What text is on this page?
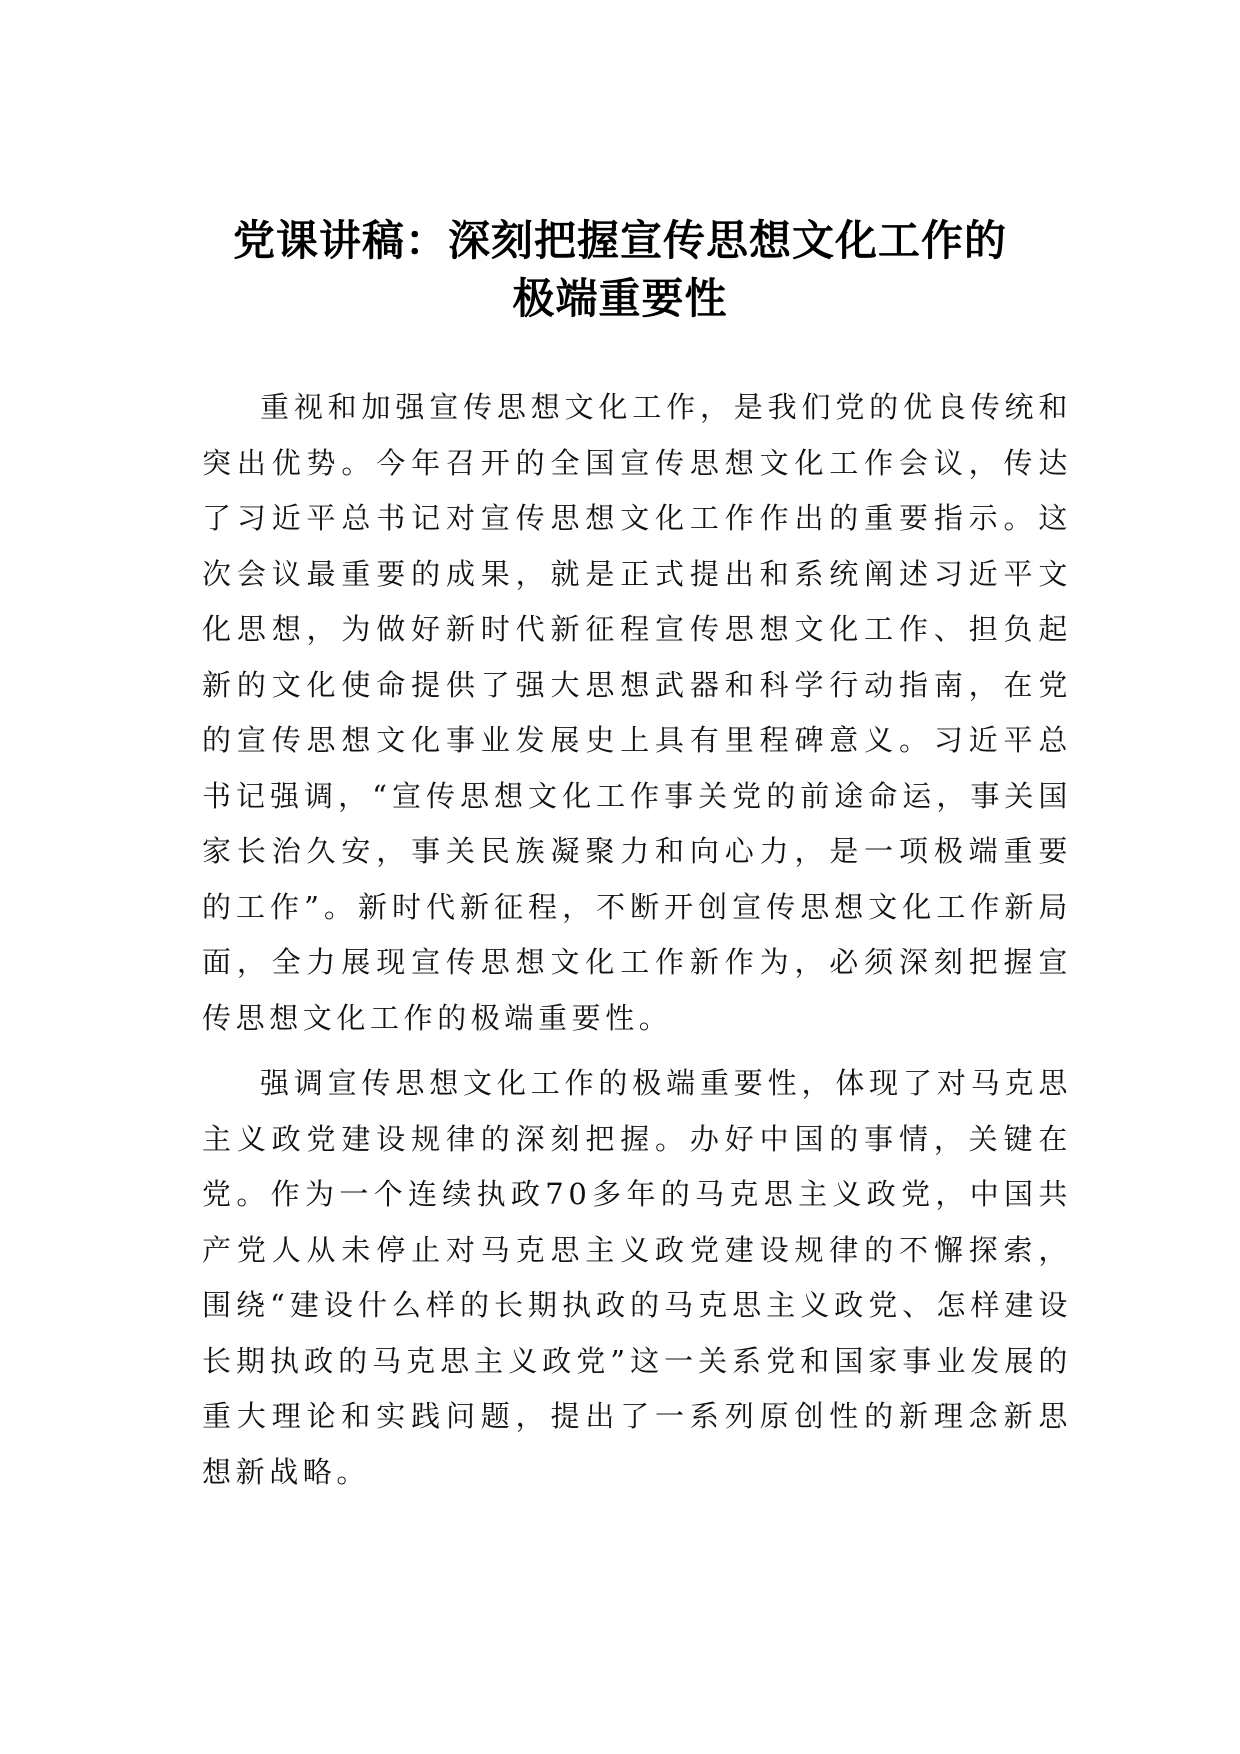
党课讲稿：深刻把握宣传思想文化工作的
极端重要性

重视和加强宣传思想文化工作，是我们党的优良传统和突出优势。今年召开的全国宣传思想文化工作会议，传达了习近平总书记对宣传思想文化工作作出的重要指示。这次会议最重要的成果，就是正式提出和系统阐述习近平文化思想，为做好新时代新征程宣传思想文化工作、担负起新的文化使命提供了强大思想武器和科学行动指南，在党的宣传思想文化事业发展史上具有里程碑意义。习近平总书记强调，“宣传思想文化工作事关党的前途命运，事关国家长治久安，事关民族凝聚力和向心力，是一项极端重要的工作”。新时代新征程，不断开创宣传思想文化工作新局面，全力展现宣传思想文化工作新作为，必须深刻把握宣传思想文化工作的极端重要性。

强调宣传思想文化工作的极端重要性，体现了对马克思主义政党建设规律的深刻把握。办好中国的事情，关键在党。作为一个连续执政70多年的马克思主义政党，中国共产党人从未停止对马克思主义政党建设规律的不懈探索，围绕“建设什么样的长期执政的马克思主义政党、怎样建设长期执政的马克思主义政党”这一关系党和国家事业发展的重大理论和实践问题，提出了一系列原创性的新理念新思想新战略。
